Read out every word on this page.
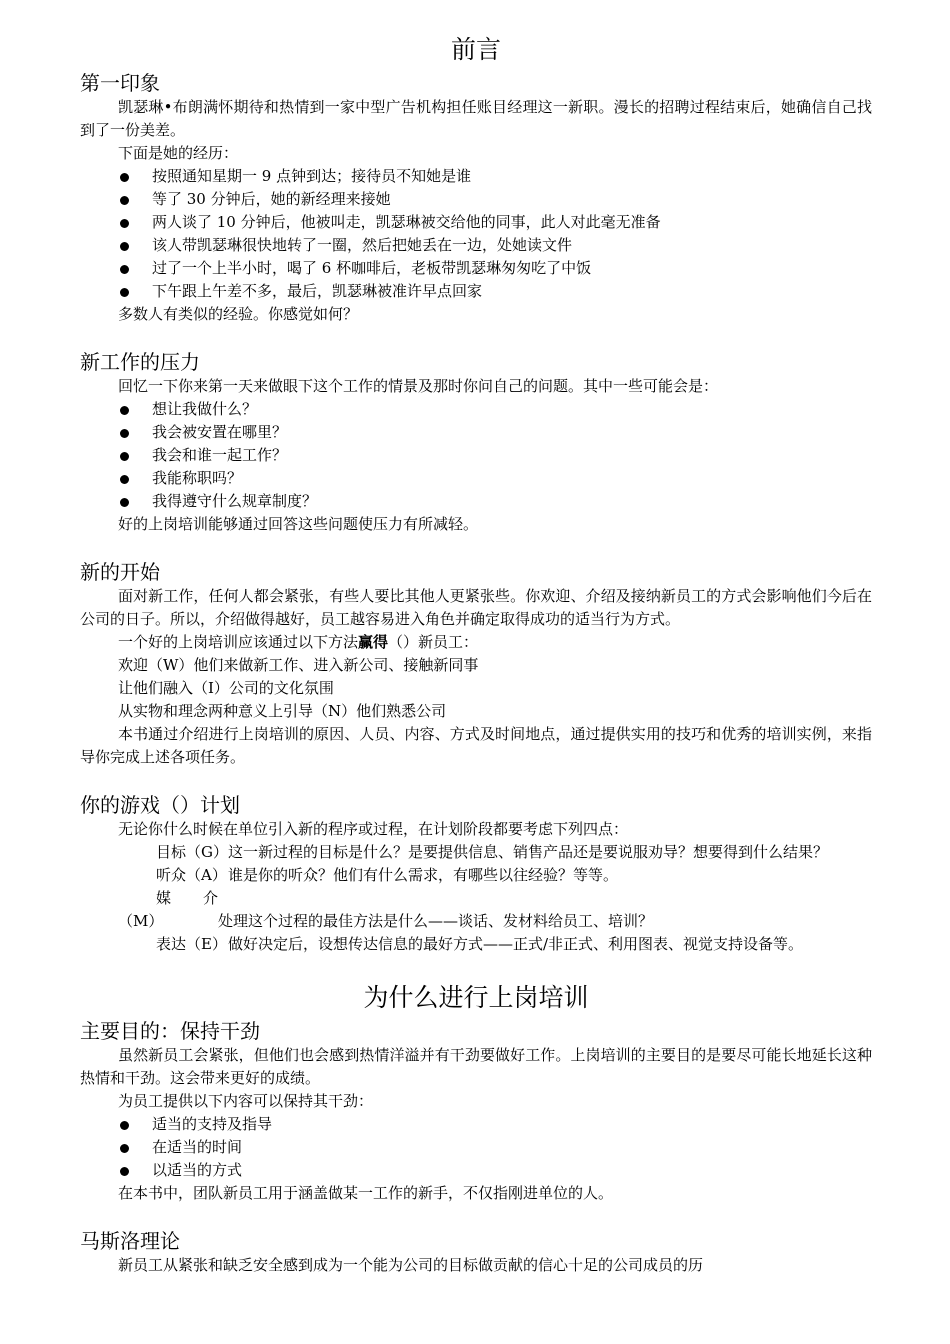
前言
第一印象

凯瑟琳•布朗满怀期待和热情到一家中型广告机构担任账目经理这一新职。漫长的招聘过程结束后，她确信自己找到了一份美差。

下面是她的经历：

按照通知星期一 9 点钟到达；接待员不知她是谁
等了 30 分钟后，她的新经理来接她
两人谈了 10 分钟后，他被叫走，凯瑟琳被交给他的同事，此人对此毫无准备
该人带凯瑟琳很快地转了一圈，然后把她丢在一边，处她读文件
过了一个上半小时，喝了 6 杯咖啡后，老板带凯瑟琳匆匆吃了中饭
下午跟上午差不多，最后，凯瑟琳被准许早点回家

多数人有类似的经验。你感觉如何？

新工作的压力

回忆一下你来第一天来做眼下这个工作的情景及那时你问自己的问题。其中一些可能会是：

想让我做什么？
我会被安置在哪里？
我会和谁一起工作？
我能称职吗？
我得遵守什么规章制度？

好的上岗培训能够通过回答这些问题使压力有所减轻。

新的开始

面对新工作，任何人都会紧张，有些人要比其他人更紧张些。你欢迎、介绍及接纳新员工的方式会影响他们今后在公司的日子。所以，介绍做得越好，员工越容易进入角色并确定取得成功的适当行为方式。

一个好的上岗培训应该通过以下方法赢得（）新员工：

欢迎（W）他们来做新工作、进入新公司、接触新同事

让他们融入（I）公司的文化氛围

从实物和理念两种意义上引导（N）他们熟悉公司

本书通过介绍进行上岗培训的原因、人员、内容、方式及时间地点，通过提供实用的技巧和优秀的培训实例，来指导你完成上述各项任务。

你的游戏（）计划

无论你什么时候在单位引入新的程序或过程，在计划阶段都要考虑下列四点：

目标（G）这一新过程的目标是什么？是要提供信息、销售产品还是要说服劝导？想要得到什么结果？

听众（A）谁是你的听众？他们有什么需求，有哪些以往经验？等等。

媒介（M）	处理这个过程的最佳方法是什么——谈话、发材料给员工、培训？

表达（E）做好决定后，设想传达信息的最好方式——正式/非正式、利用图表、视觉支持设备等。

为什么进行上岗培训
主要目的：保持干劲

虽然新员工会紧张，但他们也会感到热情洋溢并有干劲要做好工作。上岗培训的主要目的是要尽可能长地延长这种热情和干劲。这会带来更好的成绩。

为员工提供以下内容可以保持其干劲：

适当的支持及指导
在适当的时间
以适当的方式

在本书中，团队新员工用于涵盖做某一工作的新手，不仅指刚进单位的人。

马斯洛理论

新员工从紧张和缺乏安全感到成为一个能为公司的目标做贡献的信心十足的公司成员的历
